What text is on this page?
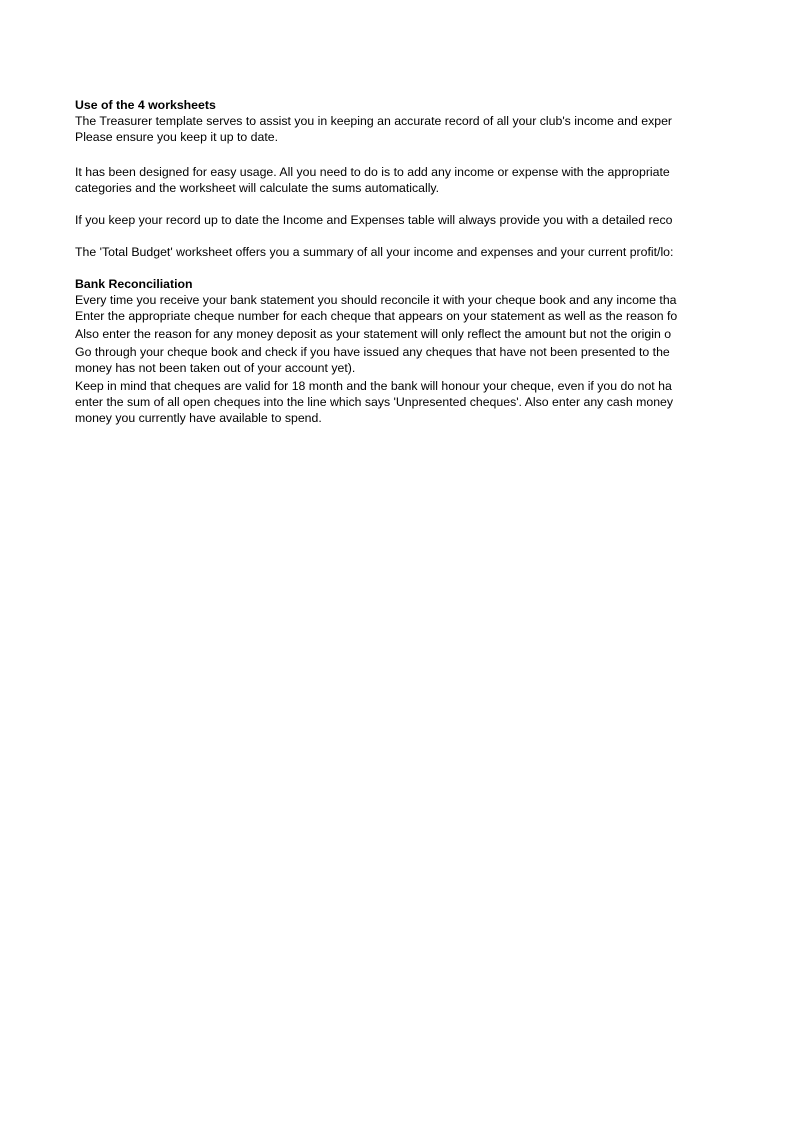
Use of the 4 worksheets
The Treasurer template serves to assist you in keeping an accurate record of all your club's income and exper
Please ensure you keep it up to date.
It has been designed for easy usage. All you need to do is to add any income or expense with the appropriate
categories and the worksheet will calculate the sums automatically.
If you keep your record up to date the Income and Expenses table will always provide you with a detailed reco
The 'Total Budget' worksheet offers you a summary of all your income and expenses and your current profit/lo:
Bank Reconciliation
Every time you receive your bank statement you should reconcile it with your cheque book and any income tha
Enter the appropriate cheque number for each cheque that appears on your statement as well as the reason fo
Also enter the reason for any money deposit as your statement will only reflect the amount but not the origin o
Go through your cheque book and check if you have issued any cheques that have not been presented to the
money has not been taken out of your account yet).
Keep in mind that cheques are valid for 18 month and the bank will honour your cheque, even if you do not ha
enter the sum of all open cheques into the line which says 'Unpresented cheques'. Also enter any cash money
money you currently have available to spend.
